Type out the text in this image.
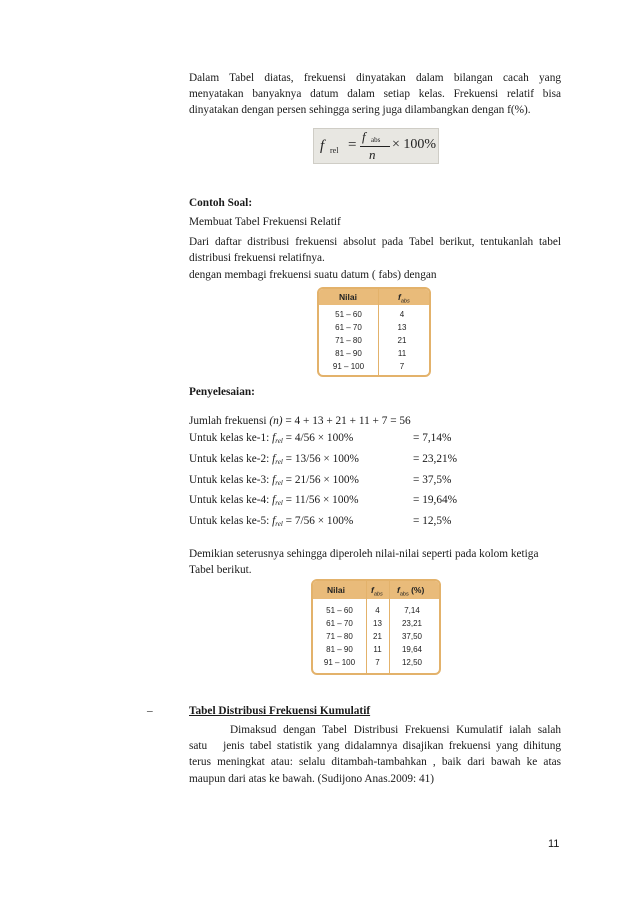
Dalam Tabel diatas, frekuensi dinyatakan dalam bilangan cacah yang
menyatakan banyaknya datum dalam setiap kelas. Frekuensi relatif bisa
dinyatakan dengan persen sehingga sering juga dilambangkan dengan f(%).
f rel =
f abs
n
× 100%
Contoh Soal:
Membuat Tabel Frekuensi Relatif
Dari daftar distribusi frekuensi absolut pada Tabel berikut, tentukanlah tabel
distribusi frekuensi relatifnya.
dengan membagi frekuensi suatu datum ( fabs) dengan
Nilai	$f_{abs}$
51 – 60	4
61 – 70	13
71 – 80	21
81 – 90	11
91 – 100	7
Penyelesaian:
Jumlah frekuensi (n) = 4 + 13 + 21 + 11 + 7 = 56
Untuk kelas ke-1: $f_{rel} = 4/56 \times 100\%$	= 7,14%
Untuk kelas ke-2: $f_{rel} = 13/56 \times 100\%$	= 23,21%
Untuk kelas ke-3: $f_{rel} = 21/56 \times 100\%$	= 37,5%
Untuk kelas ke-4: $f_{rel} = 11/56 \times 100\%$	= 19,64%
Untuk kelas ke-5: $f_{rel} = 7/56 \times 100\%$	= 12,5%
Demikian seterusnya sehingga diperoleh nilai-nilai seperti pada kolom ketiga
Tabel berikut.
Nilai	$f_{abs}$ $f_{abs}$ (%)
51 – 60	4	7,14
61 – 70	13	23,21
71 – 80	21	37,50
81 – 90	11	19,64
91 – 100	7	12,50
–	Tabel Distribusi Frekuensi Kumulatif
Dimaksud dengan Tabel Distribusi Frekuensi Kumulatif ialah salah
satu   jenis tabel statistik yang didalamnya disajikan frekuensi yang dihitung
terus meningkat atau: selalu ditambah-tambahkan , baik dari bawah ke atas
maupun dari atas ke bawah. (Sudijono Anas.2009: 41)
11
